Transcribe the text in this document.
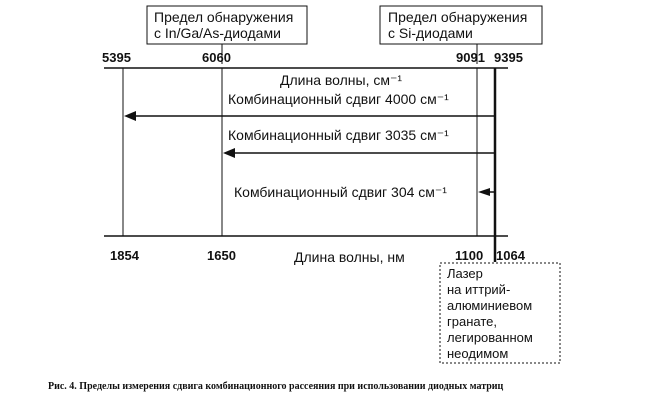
Предел обнаружения
с In/Ga/As-диодами
Предел обнаружения
с Si-диодами
5395	6060	9091 9395
Длина волны, см⁻¹
Комбинационный сдвиг 4000 см⁻¹
Комбинационный сдвиг 3035 см⁻¹
Комбинационный сдвиг 304 см⁻¹
1854	1650	1100 1064
Длина волны, нм
Лазер
на иттрий-
алюминиевом
гранате,
легированном
неодимом
Рис. 4. Пределы измерения сдвига комбинационного рассеяния при использовании диодных матриц
